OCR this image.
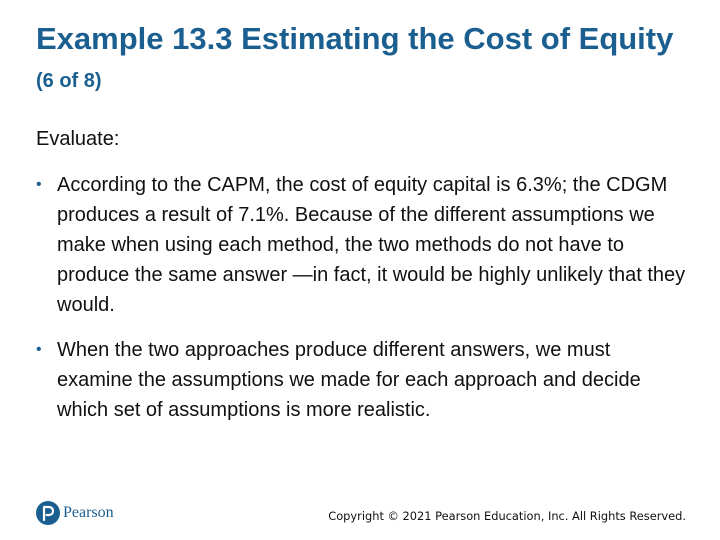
Example 13.3 Estimating the Cost of Equity (6 of 8)

Evaluate:

• According to the CAPM, the cost of equity capital is 6.3%; the CDGM produces a result of 7.1%. Because of the different assumptions we make when using each method, the two methods do not have to produce the same answer —in fact, it would be highly unlikely that they would.
• When the two approaches produce different answers, we must examine the assumptions we made for each approach and decide which set of assumptions is more realistic.
Pearson	Copyright © 2021 Pearson Education, Inc. All Rights Reserved.
